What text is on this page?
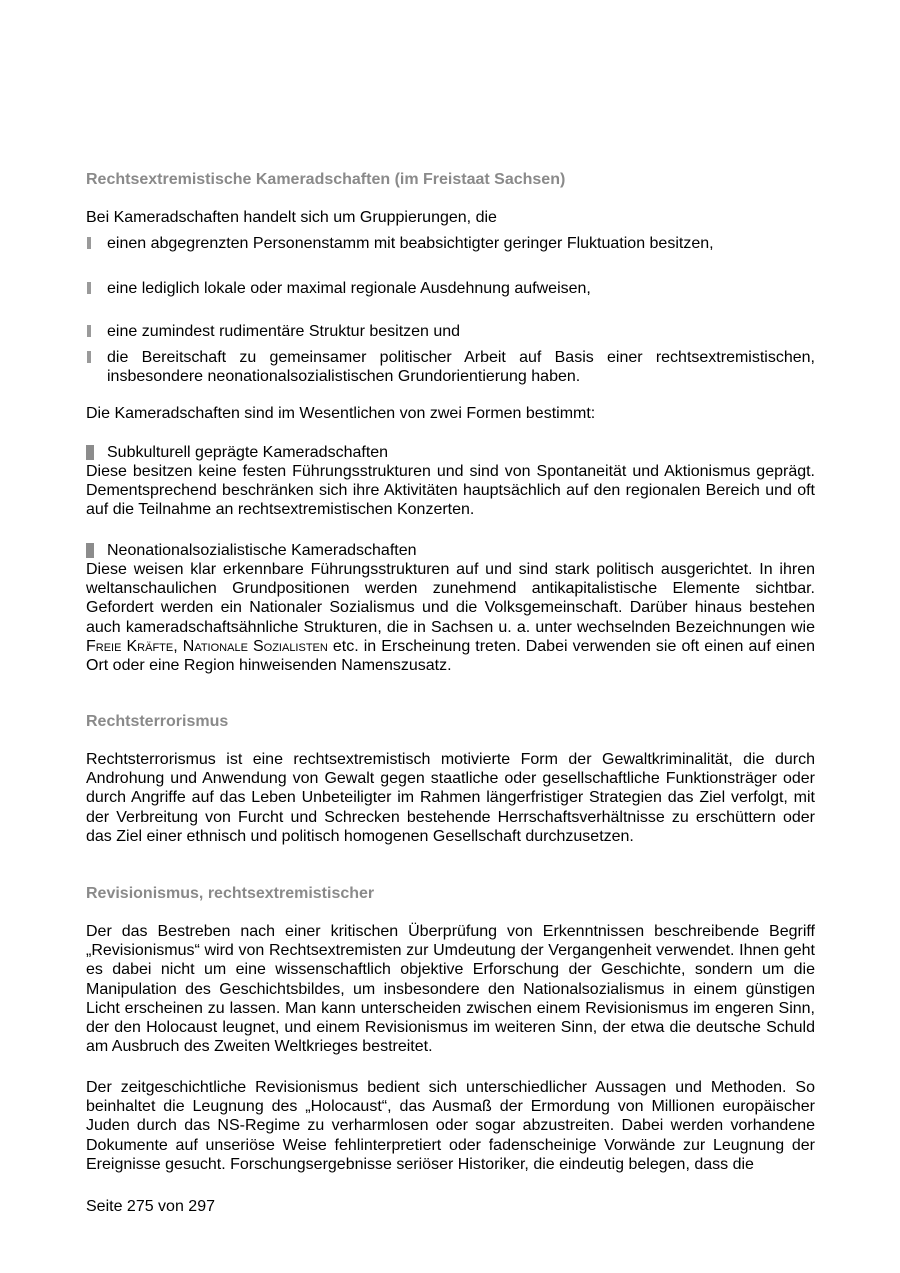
Rechtsextremistische Kameradschaften (im Freistaat Sachsen)
Bei Kameradschaften handelt sich um Gruppierungen, die
einen abgegrenzten Personenstamm mit beabsichtigter geringer Fluktuation besitzen,
eine lediglich lokale oder maximal regionale Ausdehnung aufweisen,
eine zumindest rudimentäre Struktur besitzen und
die Bereitschaft zu gemeinsamer politischer Arbeit auf Basis einer rechtsextremistischen, insbesondere neonationalsozialistischen Grundorientierung haben.
Die Kameradschaften sind im Wesentlichen von zwei Formen bestimmt:
Subkulturell geprägte Kameradschaften

Diese besitzen keine festen Führungsstrukturen und sind von Spontaneität und Aktionismus geprägt. Dementsprechend beschränken sich ihre Aktivitäten hauptsächlich auf den regionalen Bereich und oft auf die Teilnahme an rechtsextremistischen Konzerten.

Neonationalsozialistische Kameradschaften

Diese weisen klar erkennbare Führungsstrukturen auf und sind stark politisch ausgerichtet. In ihren weltanschaulichen Grundpositionen werden zunehmend antikapitalistische Elemente sichtbar. Gefordert werden ein Nationaler Sozialismus und die Volksgemeinschaft. Darüber hinaus bestehen auch kameradschaftsähnliche Strukturen, die in Sachsen u. a. unter wechselnden Bezeichnungen wie Freie Kräfte, Nationale Sozialisten etc. in Erscheinung treten. Dabei verwenden sie oft einen auf einen Ort oder eine Region hinweisenden Namenszusatz.

Rechtsterrorismus

Rechtsterrorismus ist eine rechtsextremistisch motivierte Form der Gewaltkriminalität, die durch Androhung und Anwendung von Gewalt gegen staatliche oder gesellschaftliche Funktionsträger oder durch Angriffe auf das Leben Unbeteiligter im Rahmen längerfristiger Strategien das Ziel verfolgt, mit der Verbreitung von Furcht und Schrecken bestehende Herrschaftsverhältnisse zu erschüttern oder das Ziel einer ethnisch und politisch homogenen Gesellschaft durchzusetzen.

Revisionismus, rechtsextremistischer

Der das Bestreben nach einer kritischen Überprüfung von Erkenntnissen beschreibende Begriff „Revisionismus“ wird von Rechtsextremisten zur Umdeutung der Vergangenheit verwendet. Ihnen geht es dabei nicht um eine wissenschaftlich objektive Erforschung der Geschichte, sondern um die Manipulation des Geschichtsbildes, um insbesondere den Nationalsozialismus in einem günstigen Licht erscheinen zu lassen. Man kann unterscheiden zwischen einem Revisionismus im engeren Sinn, der den Holocaust leugnet, und einem Revisionismus im weiteren Sinn, der etwa die deutsche Schuld am Ausbruch des Zweiten Weltkrieges bestreitet.

Der zeitgeschichtliche Revisionismus bedient sich unterschiedlicher Aussagen und Methoden. So beinhaltet die Leugnung des „Holocaust“, das Ausmaß der Ermordung von Millionen europäischer Juden durch das NS-Regime zu verharmlosen oder sogar abzustreiten. Dabei werden vorhandene Dokumente auf unseriöse Weise fehlinterpretiert oder fadenscheinige Vorwände zur Leugnung der Ereignisse gesucht. Forschungsergebnisse seriöser Historiker, die eindeutig belegen, dass die

Seite 275 von 297
